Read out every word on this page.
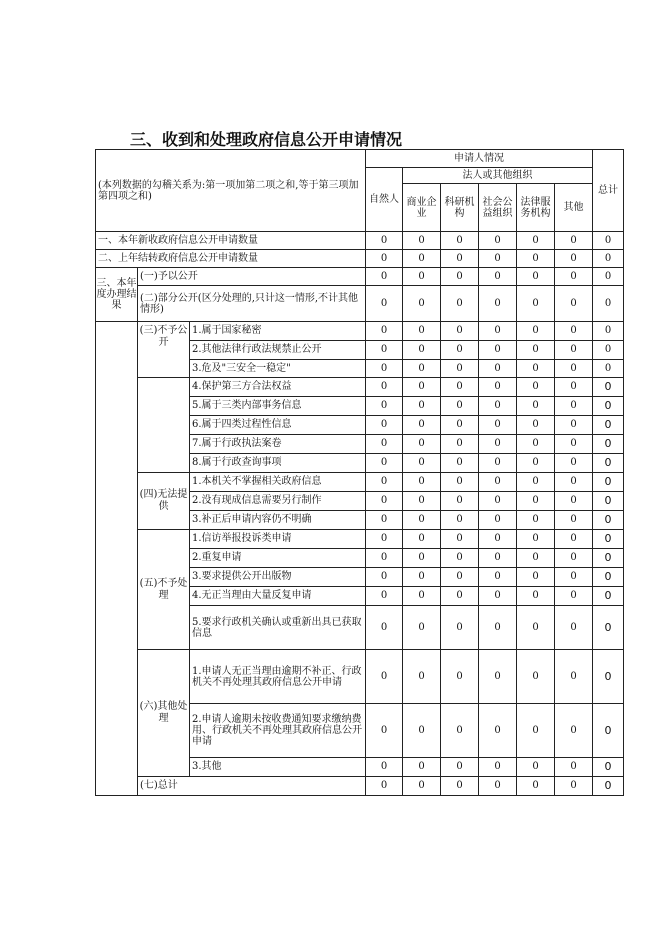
三、收到和处理政府信息公开申请情况
(本列数据的勾稽关系为:第一项加第二项之和,等于第三项加第四项之和)			申请人情况						总计
			自然人	法人或其他组织					
				商业企业	科研机构	社会公益组织	法律服务机构	其他	
一、本年新收政府信息公开申请数量			0	0	0	0	0	0	0
二、上年结转政府信息公开申请数量			0	0	0	0	0	0	0
三、本年度办理结果	(一)予以公开		0	0	0	0	0	0	0
	(二)部分公开(区分处理的,只计这一情形,不计其他情形)		0	0	0	0	0	0	0
	(三)不予公开	1.属于国家秘密	0	0	0	0	0	0	0
		2.其他法律行政法规禁止公开	0	0	0	0	0	0	0
		3.危及"三安全一稳定"	0	0	0	0	0	0	0
		4.保护第三方合法权益	0	0	0	0	0	0	0
		5.属于三类内部事务信息	0	0	0	0	0	0	0
		6.属于四类过程性信息	0	0	0	0	0	0	0
		7.属于行政执法案卷	0	0	0	0	0	0	0
		8.属于行政查询事项	0	0	0	0	0	0	0
	(四)无法提供	1.本机关不掌握相关政府信息	0	0	0	0	0	0	0
		2.没有现成信息需要另行制作	0	0	0	0	0	0	0
		3.补正后申请内容仍不明确	0	0	0	0	0	0	0
	(五)不予处理	1.信访举报投诉类申请	0	0	0	0	0	0	0
		2.重复申请	0	0	0	0	0	0	0
		3.要求提供公开出版物	0	0	0	0	0	0	0
		4.无正当理由大量反复申请	0	0	0	0	0	0	0
		5.要求行政机关确认或重新出具已获取信息	0	0	0	0	0	0	0
	(六)其他处理	1.申请人无正当理由逾期不补正、行政机关不再处理其政府信息公开申请	0	0	0	0	0	0	0
		2.申请人逾期未按收费通知要求缴纳费用、行政机关不再处理其政府信息公开申请	0	0	0	0	0	0	0
		3.其他	0	0	0	0	0	0	0
	(七)总计		0	0	0	0	0	0	0
